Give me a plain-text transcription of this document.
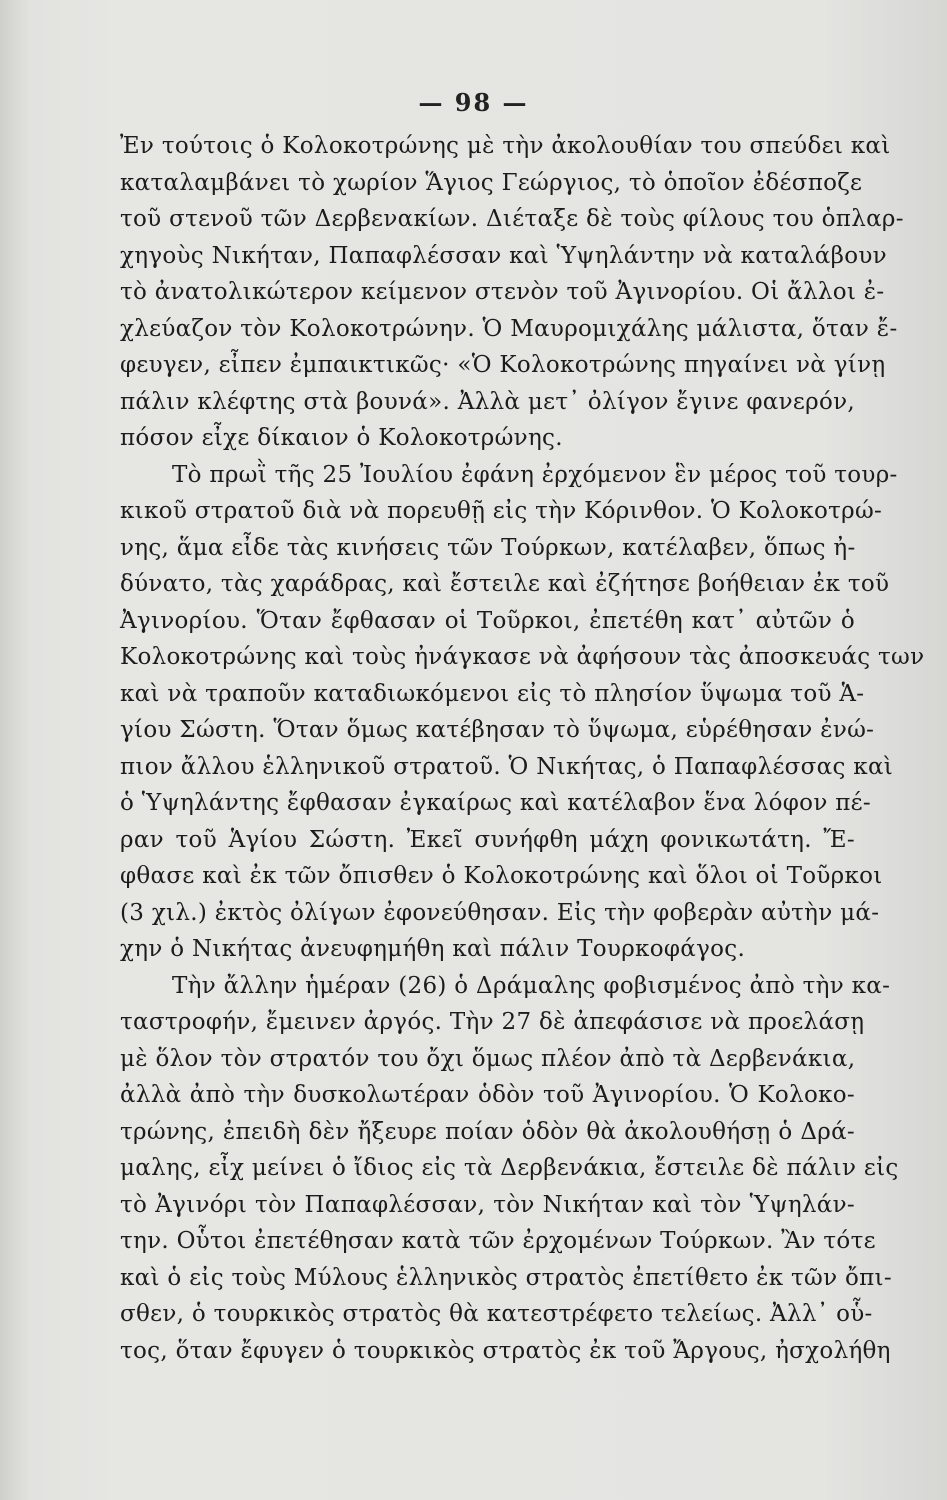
— 98 —
Ἐν τούτοις ὁ Κολοκοτρώνης μὲ τὴν ἀκολουθίαν του σπεύδει καὶ
καταλαμβάνει τὸ χωρίον Ἅγιος Γεώργιος, τὸ ὁποῖον ἐδέσποζε
τοῦ στενοῦ τῶν Δερβενακίων. Διέταξε δὲ τοὺς φίλους του ὁπλαρ-
χηγοὺς Νικήταν, Παπαφλέσσαν καὶ Ὑψηλάντην νὰ καταλάβουν
τὸ ἀνατολικώτερον κείμενον στενὸν τοῦ Ἀγινορίου. Οἱ ἄλλοι ἐ-
χλεύαζον τὸν Κολοκοτρώνην. Ὁ Μαυρομιχάλης μάλιστα, ὅταν ἔ-
φευγεν, εἶπεν ἐμπαικτικῶς· «Ὁ Κολοκοτρώνης πηγαίνει νὰ γίνῃ
πάλιν κλέφτης στὰ βουνά». Ἀλλὰ μετ᾽ ὀλίγον ἔγινε φανερόν,
πόσον εἶχε δίκαιον ὁ Κολοκοτρώνης.
Τὸ πρωῒ τῆς 25 Ἰουλίου ἐφάνη ἐρχόμενον ἓν μέρος τοῦ τουρ-
κικοῦ στρατοῦ διὰ νὰ πορευθῇ εἰς τὴν Κόρινθον. Ὁ Κολοκοτρώ-
νης, ἅμα εἶδε τὰς κινήσεις τῶν Τούρκων, κατέλαβεν, ὅπως ἠ-
δύνατο, τὰς χαράδρας, καὶ ἔστειλε καὶ ἐζήτησε βοήθειαν ἐκ τοῦ
Ἀγινορίου. Ὅταν ἔφθασαν οἱ Τοῦρκοι, ἐπετέθη κατ᾽ αὐτῶν ὁ
Κολοκοτρώνης καὶ τοὺς ἠνάγκασε νὰ ἀφήσουν τὰς ἀποσκευάς των
καὶ νὰ τραποῦν καταδιωκόμενοι εἰς τὸ πλησίον ὕψωμα τοῦ Ἁ-
γίου Σώστη. Ὅταν ὅμως κατέβησαν τὸ ὕψωμα, εὑρέθησαν ἐνώ-
πιον ἄλλου ἑλληνικοῦ στρατοῦ. Ὁ Νικήτας, ὁ Παπαφλέσσας καὶ
ὁ Ὑψηλάντης ἔφθασαν ἐγκαίρως καὶ κατέλαβον ἕνα λόφον πέ-
ραν τοῦ Ἁγίου Σώστη. Ἐκεῖ συνήφθη μάχη φονικωτάτη. Ἔ-
φθασε καὶ ἐκ τῶν ὄπισθεν ὁ Κολοκοτρώνης καὶ ὅλοι οἱ Τοῦρκοι
(3 χιλ.) ἐκτὸς ὀλίγων ἐφονεύθησαν. Εἰς τὴν φοβερὰν αὐτὴν μά-
χην ὁ Νικήτας ἀνευφημήθη καὶ πάλιν Τουρκοφάγος.
Τὴν ἄλλην ἡμέραν (26) ὁ Δράμαλης φοβισμένος ἀπὸ τὴν κα-
ταστροφήν, ἔμεινεν ἀργός. Τὴν 27 δὲ ἀπεφάσισε νὰ προελάσῃ
μὲ ὅλον τὸν στρατόν του ὄχι ὅμως πλέον ἀπὸ τὰ Δερβενάκια,
ἀλλὰ ἀπὸ τὴν δυσκολωτέραν ὁδὸν τοῦ Ἀγινορίου. Ὁ Κολοκο-
τρώνης, ἐπειδὴ δὲν ἤξευρε ποίαν ὁδὸν θὰ ἀκολουθήσῃ ὁ Δρά-
μαλης, εἶχ μείνει ὁ ἴδιος εἰς τὰ Δερβενάκια, ἔστειλε δὲ πάλιν εἰς
τὸ Ἀγινόρι τὸν Παπαφλέσσαν, τὸν Νικήταν καὶ τὸν Ὑψηλάν-
την. Οὗτοι ἐπετέθησαν κατὰ τῶν ἐρχομένων Τούρκων. Ἂν τότε
καὶ ὁ εἰς τοὺς Μύλους ἑλληνικὸς στρατὸς ἐπετίθετο ἐκ τῶν ὄπι-
σθεν, ὁ τουρκικὸς στρατὸς θὰ κατεστρέφετο τελείως. Ἀλλ᾽ οὗ-
τος, ὅταν ἔφυγεν ὁ τουρκικὸς στρατὸς ἐκ τοῦ Ἄργους, ἠσχολήθη
